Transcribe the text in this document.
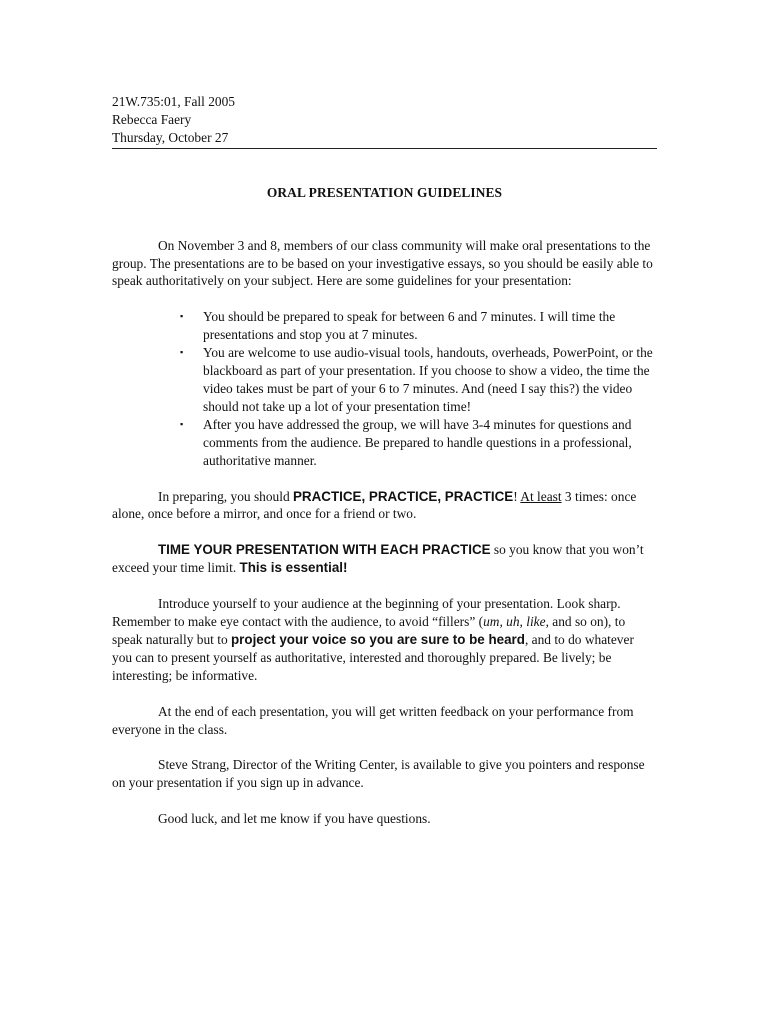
21W.735:01, Fall 2005
Rebecca Faery
Thursday, October 27

ORAL PRESENTATION GUIDELINES

On November 3 and 8, members of our class community will make oral presentations to the group. The presentations are to be based on your investigative essays, so you should be easily able to speak authoritatively on your subject. Here are some guidelines for your presentation:

▪ You should be prepared to speak for between 6 and 7 minutes. I will time the presentations and stop you at 7 minutes.
▪ You are welcome to use audio-visual tools, handouts, overheads, PowerPoint, or the blackboard as part of your presentation. If you choose to show a video, the time the video takes must be part of your 6 to 7 minutes. And (need I say this?) the video should not take up a lot of your presentation time!
▪ After you have addressed the group, we will have 3-4 minutes for questions and comments from the audience. Be prepared to handle questions in a professional, authoritative manner.

In preparing, you should PRACTICE, PRACTICE, PRACTICE! At least 3 times: once alone, once before a mirror, and once for a friend or two.

TIME YOUR PRESENTATION WITH EACH PRACTICE so you know that you won’t exceed your time limit. This is essential!

Introduce yourself to your audience at the beginning of your presentation. Look sharp. Remember to make eye contact with the audience, to avoid “fillers” (um, uh, like, and so on), to speak naturally but to project your voice so you are sure to be heard, and to do whatever you can to present yourself as authoritative, interested and thoroughly prepared. Be lively; be interesting; be informative.

At the end of each presentation, you will get written feedback on your performance from everyone in the class.

Steve Strang, Director of the Writing Center, is available to give you pointers and response on your presentation if you sign up in advance.

Good luck, and let me know if you have questions.
